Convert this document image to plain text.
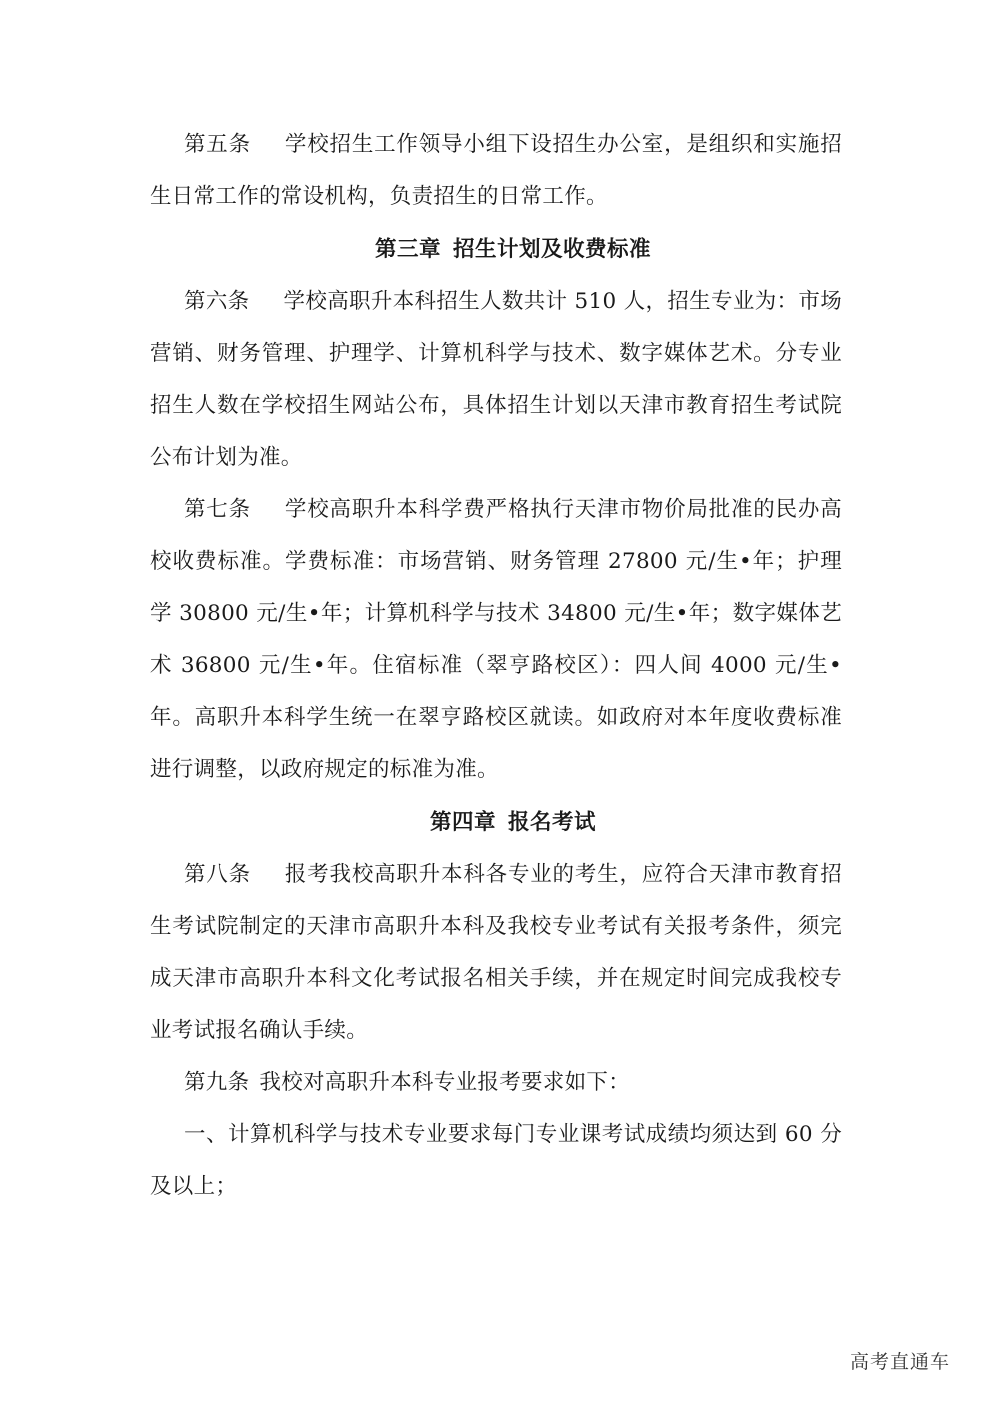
第五条 学校招生工作领导小组下设招生办公室，是组织和实施招生日常工作的常设机构，负责招生的日常工作。

第三章 招生计划及收费标准

第六条 学校高职升本科招生人数共计 510 人，招生专业为：市场营销、财务管理、护理学、计算机科学与技术、数字媒体艺术。分专业招生人数在学校招生网站公布，具体招生计划以天津市教育招生考试院公布计划为准。

第七条 学校高职升本科学费严格执行天津市物价局批准的民办高校收费标准。学费标准：市场营销、财务管理 27800 元/生•年；护理学 30800 元/生•年；计算机科学与技术 34800 元/生•年；数字媒体艺术 36800 元/生•年。住宿标准（翠亨路校区）：四人间 4000 元/生•年。高职升本科学生统一在翠亨路校区就读。如政府对本年度收费标准进行调整，以政府规定的标准为准。

第四章 报名考试

第八条 报考我校高职升本科各专业的考生，应符合天津市教育招生考试院制定的天津市高职升本科及我校专业考试有关报考条件，须完成天津市高职升本科文化考试报名相关手续，并在规定时间完成我校专业考试报名确认手续。

第九条 我校对高职升本科专业报考要求如下：

一、计算机科学与技术专业要求每门专业课考试成绩均须达到 60 分及以上；

高考直通车
